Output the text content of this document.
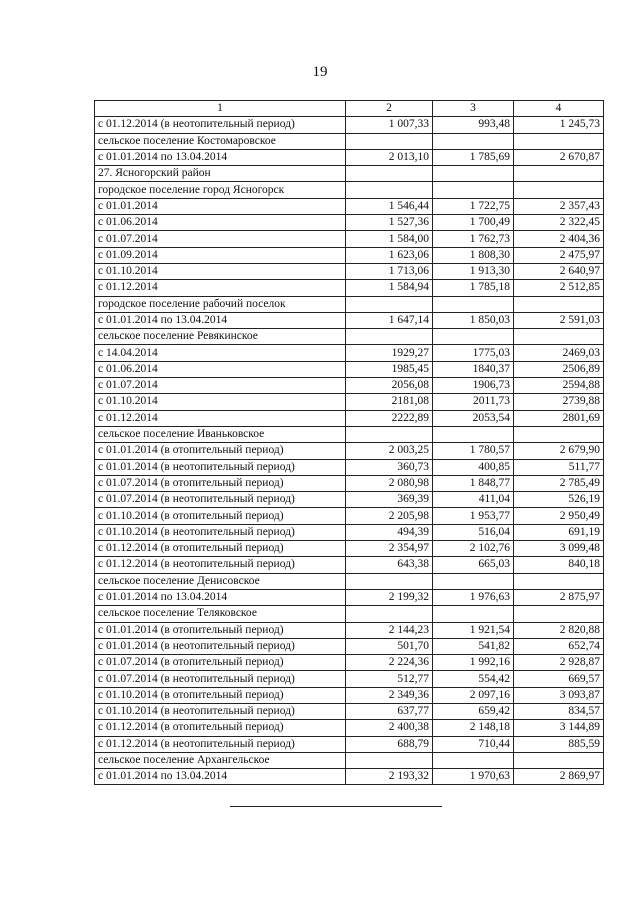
19
1	2	3	4
с 01.12.2014 (в неотопительный период)	1 007,33	993,48	1 245,73
сельское поселение Костомаровское			
с 01.01.2014 по 13.04.2014	2 013,10	1 785,69	2 670,87
27. Ясногорский район			
городское поселение город Ясногорск			
с 01.01.2014	1 546,44	1 722,75	2 357,43
с 01.06.2014	1 527,36	1 700,49	2 322,45
с 01.07.2014	1 584,00	1 762,73	2 404,36
с 01.09.2014	1 623,06	1 808,30	2 475,97
с 01.10.2014	1 713,06	1 913,30	2 640,97
с 01.12.2014	1 584,94	1 785,18	2 512,85
городское поселение рабочий поселок			
с 01.01.2014 по 13.04.2014	1 647,14	1 850,03	2 591,03
сельское поселение Ревякинское			
с 14.04.2014	1929,27	1775,03	2469,03
с 01.06.2014	1985,45	1840,37	2506,89
с 01.07.2014	2056,08	1906,73	2594,88
с 01.10.2014	2181,08	2011,73	2739,88
с 01.12.2014	2222,89	2053,54	2801,69
сельское поселение Иваньковское			
с 01.01.2014 (в отопительный период)	2 003,25	1 780,57	2 679,90
с 01.01.2014 (в неотопительный период)	360,73	400,85	511,77
с 01.07.2014 (в отопительный период)	2 080,98	1 848,77	2 785,49
с 01.07.2014 (в неотопительный период)	369,39	411,04	526,19
с 01.10.2014 (в отопительный период)	2 205,98	1 953,77	2 950,49
с 01.10.2014 (в неотопительный период)	494,39	516,04	691,19
с 01.12.2014 (в отопительный период)	2 354,97	2 102,76	3 099,48
с 01.12.2014 (в неотопительный период)	643,38	665,03	840,18
сельское поселение Денисовское			
с 01.01.2014 по 13.04.2014	2 199,32	1 976,63	2 875,97
сельское поселение Теляковское			
с 01.01.2014 (в отопительный период)	2 144,23	1 921,54	2 820,88
с 01.01.2014 (в неотопительный период)	501,70	541,82	652,74
с 01.07.2014 (в отопительный период)	2 224,36	1 992,16	2 928,87
с 01.07.2014 (в неотопительный период)	512,77	554,42	669,57
с 01.10.2014 (в отопительный период)	2 349,36	2 097,16	3 093,87
с 01.10.2014 (в неотопительный период)	637,77	659,42	834,57
с 01.12.2014 (в отопительный период)	2 400,38	2 148,18	3 144,89
с 01.12.2014 (в неотопительный период)	688,79	710,44	885,59
сельское поселение Архангельское			
с 01.01.2014 по 13.04.2014	2 193,32	1 970,63	2 869,97
